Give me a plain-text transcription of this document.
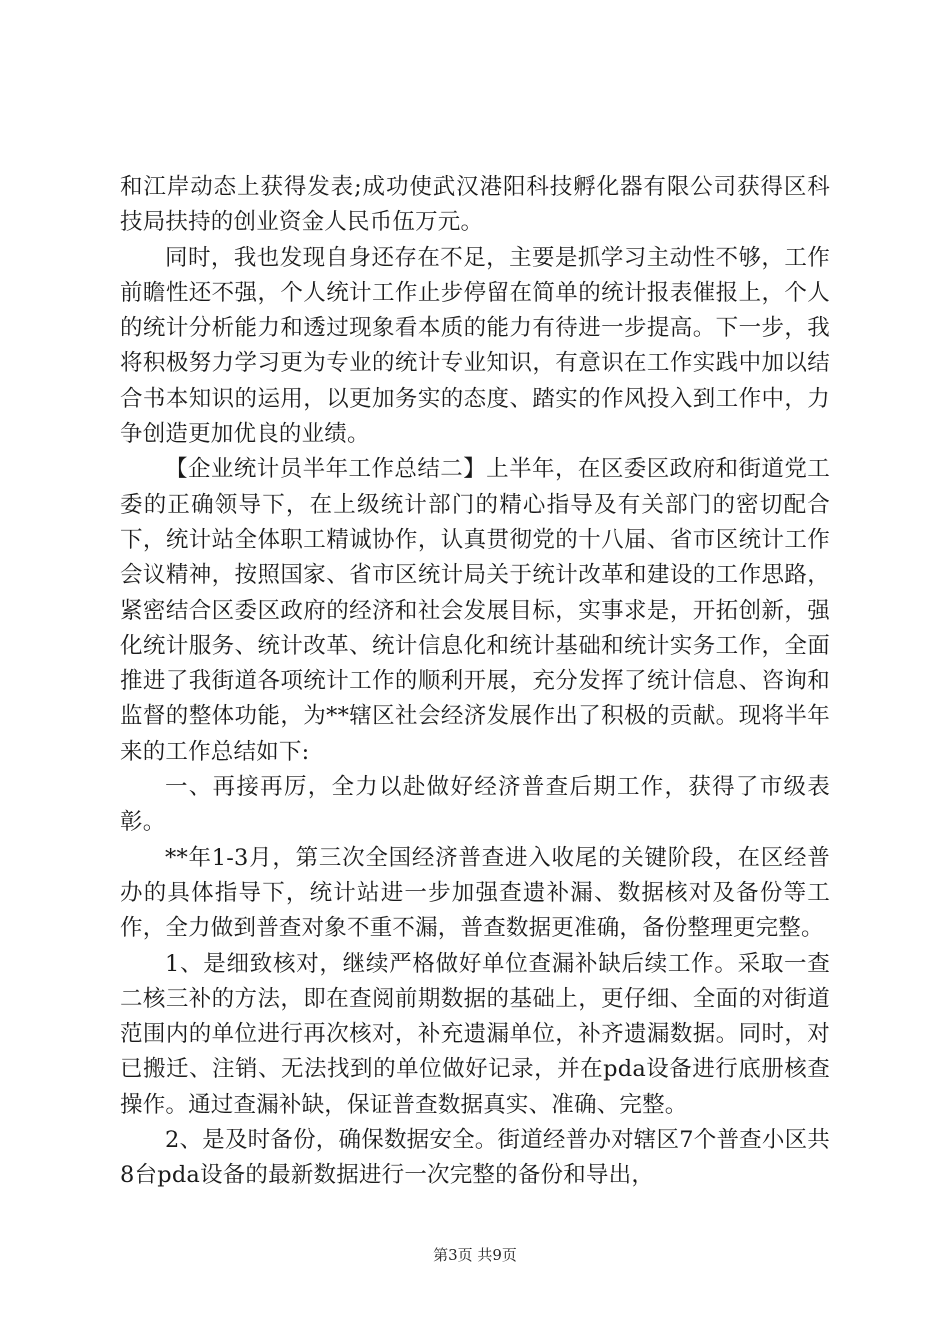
和江岸动态上获得发表;成功使武汉港阳科技孵化器有限公司获得区科技局扶持的创业资金人民币伍万元。

同时，我也发现自身还存在不足，主要是抓学习主动性不够，工作前瞻性还不强，个人统计工作止步停留在简单的统计报表催报上，个人的统计分析能力和透过现象看本质的能力有待进一步提高。下一步，我将积极努力学习更为专业的统计专业知识，有意识在工作实践中加以结合书本知识的运用，以更加务实的态度、踏实的作风投入到工作中，力争创造更加优良的业绩。

【企业统计员半年工作总结二】上半年，在区委区政府和街道党工委的正确领导下，在上级统计部门的精心指导及有关部门的密切配合下，统计站全体职工精诚协作，认真贯彻党的十八届、省市区统计工作会议精神，按照国家、省市区统计局关于统计改革和建设的工作思路，紧密结合区委区政府的经济和社会发展目标，实事求是，开拓创新，强化统计服务、统计改革、统计信息化和统计基础和统计实务工作，全面推进了我街道各项统计工作的顺利开展，充分发挥了统计信息、咨询和监督的整体功能，为**辖区社会经济发展作出了积极的贡献。现将半年来的工作总结如下:

一、再接再厉，全力以赴做好经济普查后期工作，获得了市级表彰。

**年1-3月，第三次全国经济普查进入收尾的关键阶段，在区经普办的具体指导下，统计站进一步加强查遗补漏、数据核对及备份等工作，全力做到普查对象不重不漏，普查数据更准确，备份整理更完整。

1、是细致核对，继续严格做好单位查漏补缺后续工作。采取一查二核三补的方法，即在查阅前期数据的基础上，更仔细、全面的对街道范围内的单位进行再次核对，补充遗漏单位，补齐遗漏数据。同时，对已搬迁、注销、无法找到的单位做好记录，并在pda设备进行底册核查操作。通过查漏补缺，保证普查数据真实、准确、完整。

2、是及时备份，确保数据安全。街道经普办对辖区7个普查小区共8台pda设备的最新数据进行一次完整的备份和导出，

第3页 共9页
